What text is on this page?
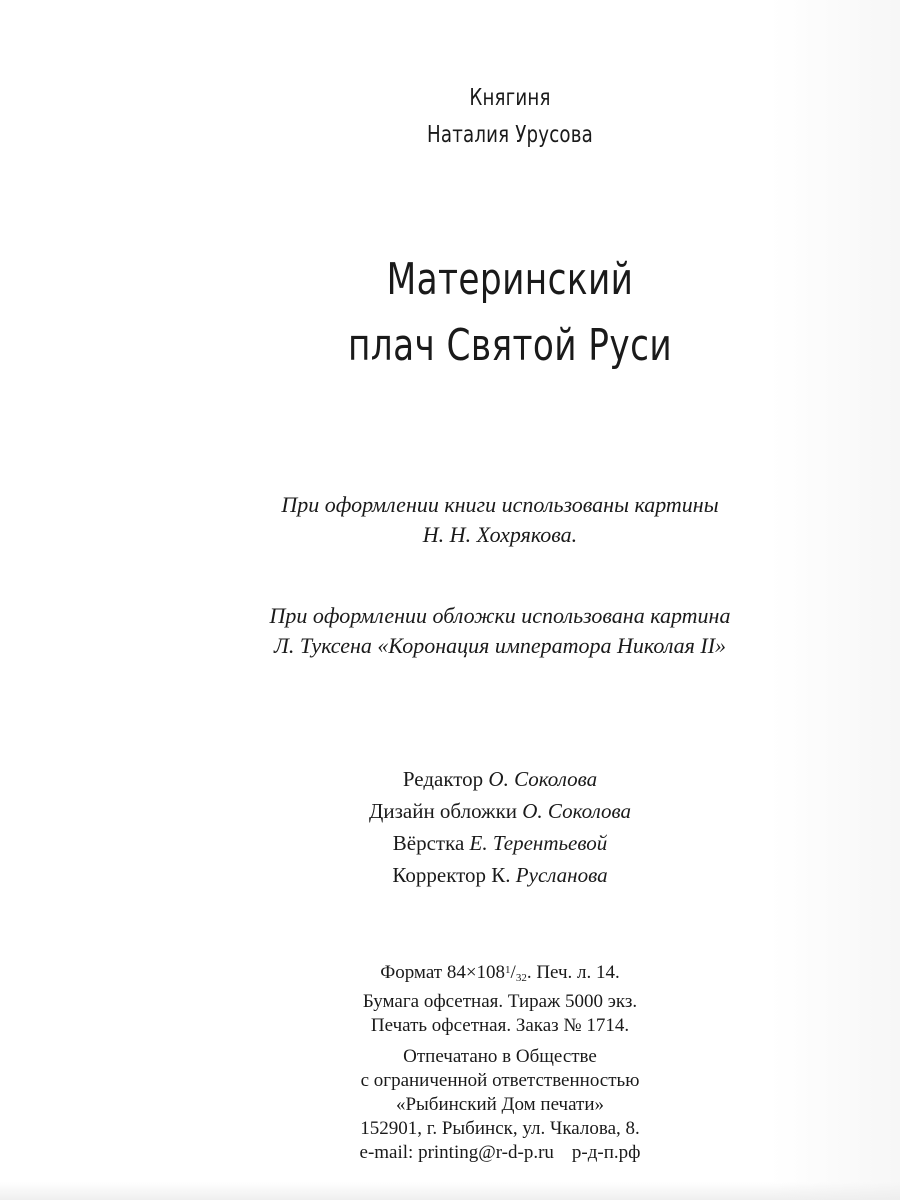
Княгиня
Наталия Урусова
Материнский
плач Святой Руси
При оформлении книги использованы картины
Н. Н. Хохрякова.
При оформлении обложки использована картина
Л. Туксена «Коронация императора Николая II»
Редактор О. Соколова
Дизайн обложки О. Соколова
Вёрстка Е. Терентьевой
Корректор К. Русланова
Формат $84\times 108^1/32$. Печ. л. 14.
Бумага офсетная. Тираж 5000 экз.
Печать офсетная. Заказ № 1714.
Отпечатано в Обществе
с ограниченной ответственностью
«Рыбинский Дом печати»
152901, г. Рыбинск, ул. Чкалова, 8.
e-mail: printing@r-d-p.ru р-д-п.рф
